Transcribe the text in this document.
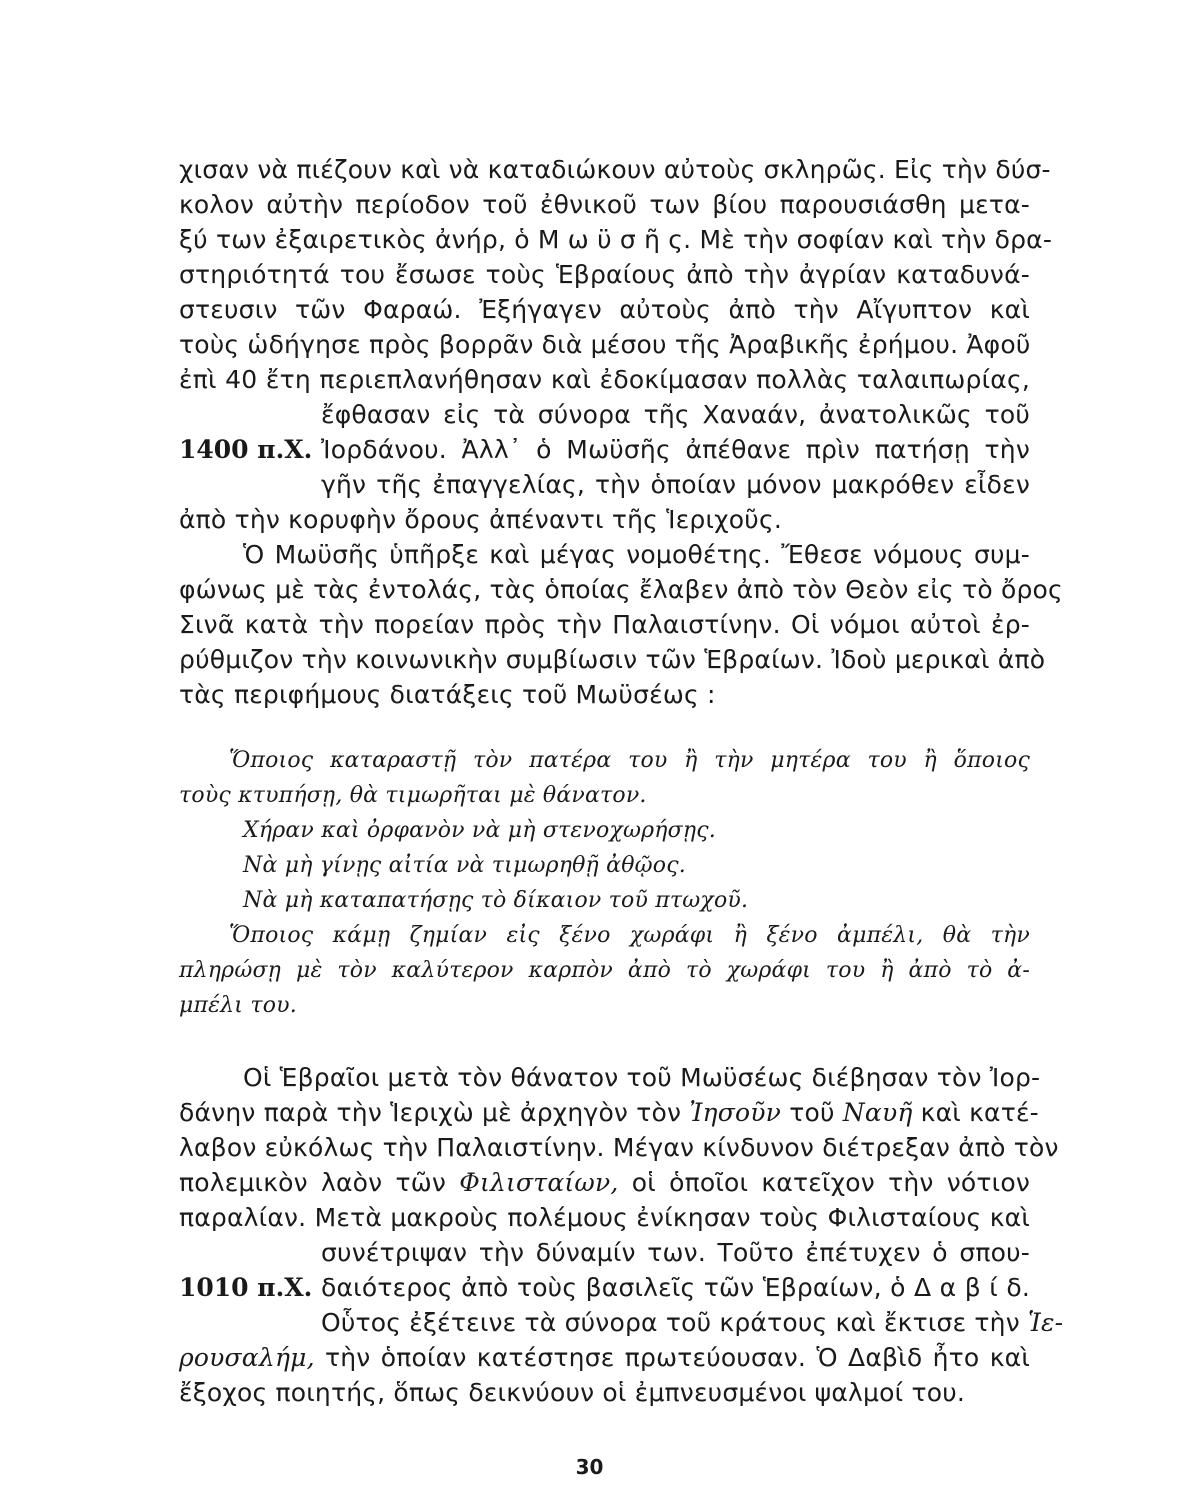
χισαν νὰ πιέζουν καὶ νὰ καταδιώκουν αὐτοὺς σκληρῶς. Εἰς τὴν δύσ-
κολον αὐτὴν περίοδον τοῦ ἐθνικοῦ των βίου παρουσιάσθη μετα-
ξύ των ἐξαιρετικὸς ἀνήρ, ὁ Μ ω ϋ σ ῆ ς. Μὲ τὴν σοφίαν καὶ τὴν δρα-
στηριότητά του ἔσωσε τοὺς Ἑβραίους ἀπὸ τὴν ἀγρίαν καταδυνά-
στευσιν τῶν Φαραώ. Ἐξήγαγεν αὐτοὺς ἀπὸ τὴν Αἴγυπτον καὶ
τοὺς ὡδήγησε πρὸς βορρᾶν διὰ μέσου τῆς Ἀραβικῆς ἐρήμου. Ἀφοῦ
ἐπὶ 40 ἔτη περιεπλανήθησαν καὶ ἐδοκίμασαν πολλὰς ταλαιπωρίας,
ἔφθασαν εἰς τὰ σύνορα τῆς Χαναάν, ἀνατολικῶς τοῦ
1400 π.Χ. Ἰορδάνου. Ἀλλ᾽ ὁ Μωϋσῆς ἀπέθανε πρὶν πατήσῃ τὴν
γῆν τῆς ἐπαγγελίας, τὴν ὁποίαν μόνον μακρόθεν εἶδεν
ἀπὸ τὴν κορυφὴν ὄρους ἀπέναντι τῆς Ἱεριχοῦς.
Ὁ Μωϋσῆς ὑπῆρξε καὶ μέγας νομοθέτης. Ἔθεσε νόμους συμ-
φώνως μὲ τὰς ἐντολάς, τὰς ὁποίας ἔλαβεν ἀπὸ τὸν Θεὸν εἰς τὸ ὄρος
Σινᾶ κατὰ τὴν πορείαν πρὸς τὴν Παλαιστίνην. Οἱ νόμοι αὐτοὶ ἐρ-
ρύθμιζον τὴν κοινωνικὴν συμβίωσιν τῶν Ἑβραίων. Ἰδοὺ μερικαὶ ἀπὸ
τὰς περιφήμους διατάξεις τοῦ Μωϋσέως :
Ὅποιος καταραστῇ τὸν πατέρα του ἢ τὴν μητέρα του ἢ ὅποιος
τοὺς κτυπήσῃ, θὰ τιμωρῆται μὲ θάνατον.
Χήραν καὶ ὀρφανὸν νὰ μὴ στενοχωρήσῃς.
Νὰ μὴ γίνῃς αἰτία νὰ τιμωρηθῇ ἀθῷος.
Νὰ μὴ καταπατήσῃς τὸ δίκαιον τοῦ πτωχοῦ.
Ὅποιος κάμῃ ζημίαν εἰς ξένο χωράφι ἢ ξένο ἀμπέλι, θὰ τὴν
πληρώσῃ μὲ τὸν καλύτερον καρπὸν ἀπὸ τὸ χωράφι του ἢ ἀπὸ τὸ ἀ-
μπέλι του.
Οἱ Ἑβραῖοι μετὰ τὸν θάνατον τοῦ Μωϋσέως διέβησαν τὸν Ἰορ-
δάνην παρὰ τὴν Ἱεριχὼ μὲ ἀρχηγὸν τὸν Ἰησοῦν τοῦ Ναυῆ καὶ κατέ-
λαβον εὐκόλως τὴν Παλαιστίνην. Μέγαν κίνδυνον διέτρεξαν ἀπὸ τὸν
πολεμικὸν λαὸν τῶν Φιλισταίων, οἱ ὁποῖοι κατεῖχον τὴν νότιον
παραλίαν. Μετὰ μακροὺς πολέμους ἐνίκησαν τοὺς Φιλισταίους καὶ
συνέτριψαν τὴν δύναμίν των. Τοῦτο ἐπέτυχεν ὁ σπου-
1010 π.Χ. δαιότερος ἀπὸ τοὺς βασιλεῖς τῶν Ἑβραίων, ὁ Δ α β ί δ.
Οὗτος ἐξέτεινε τὰ σύνορα τοῦ κράτους καὶ ἔκτισε τὴν Ἱε-
ρουσαλήμ, τὴν ὁποίαν κατέστησε πρωτεύουσαν. Ὁ Δαβὶδ ἦτο καὶ
ἔξοχος ποιητής, ὅπως δεικνύουν οἱ ἐμπνευσμένοι ψαλμοί του.
30
